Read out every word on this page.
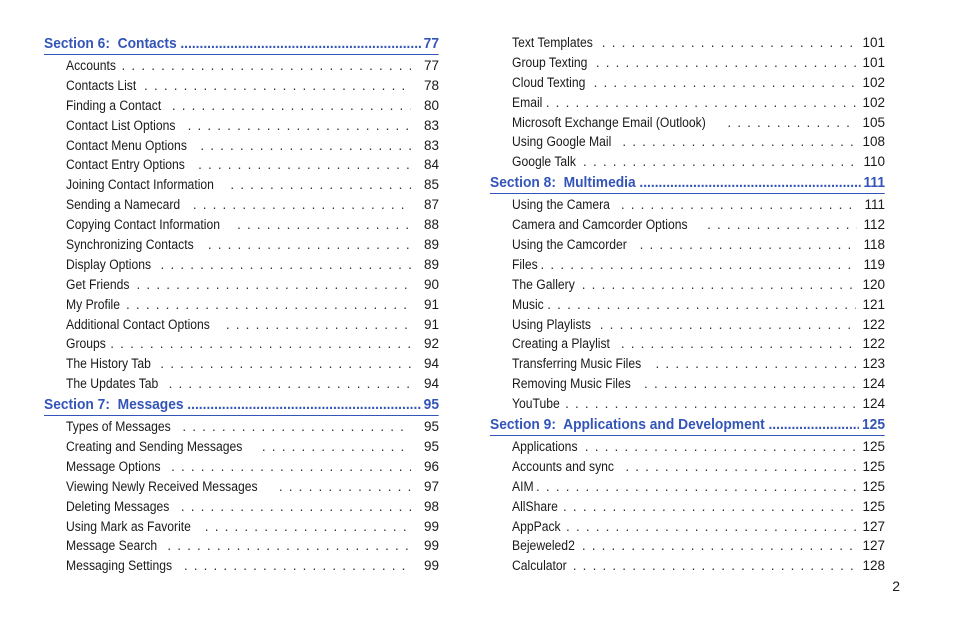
Section 6:  Contacts .....	77
Accounts . . .	77
Contacts List . . .	78
Finding a Contact . . .	80
Contact List Options . . .	83
Contact Menu Options . . .	83
Contact Entry Options . . .	84
Joining Contact Information . . .	85
Sending a Namecard . . .	87
Copying Contact Information . . .	88
Synchronizing Contacts . . .	89
Display Options . . .	89
Get Friends . . .	90
My Profile . . .	91
Additional Contact Options . . .	91
Groups . . .	92
The History Tab . . .	94
The Updates Tab . . .	94
Section 7:  Messages .....	95
Types of Messages . . .	95
Creating and Sending Messages . . .	95
Message Options . . .	96
Viewing Newly Received Messages . . .	97
Deleting Messages . . .	98
Using Mark as Favorite . . .	99
Message Search . . .	99
Messaging Settings . . .	99
Text Templates . . .	101
Group Texting . . .	101
Cloud Texting . . .	102
Email . . .	102
Microsoft Exchange Email (Outlook) . . .	105
Using Google Mail . . .	108
Google Talk . . .	110
Section 8:  Multimedia .....	111
Using the Camera . . .	111
Camera and Camcorder Options . . .	112
Using the Camcorder . . .	118
Files . . .	119
The Gallery . . .	120
Music . . .	121
Using Playlists . . .	122
Creating a Playlist . . .	122
Transferring Music Files . . .	123
Removing Music Files . . .	124
YouTube . . .	124
Section 9:  Applications and Development .....	125
Applications . . .	125
Accounts and sync . . .	125
AIM . . .	125
AllShare . . .	125
AppPack . . .	127
Bejeweled2 . . .	127
Calculator . . .	128
2
